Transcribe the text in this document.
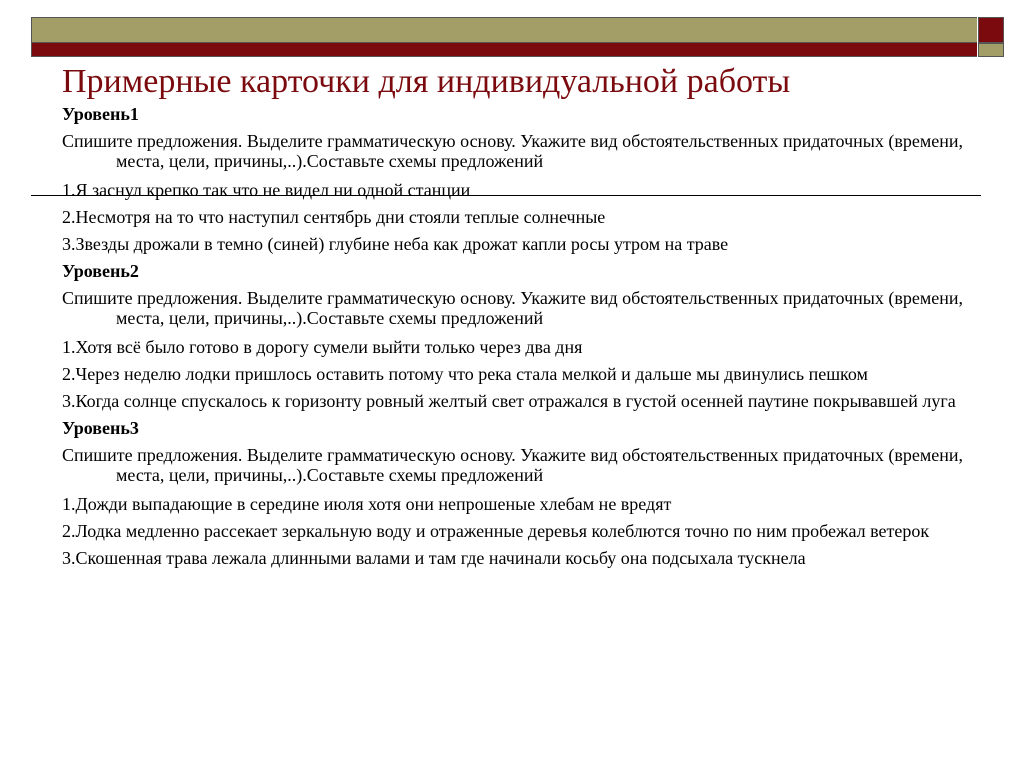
Примерные карточки для индивидуальной работы
Уровень1
Спишите предложения. Выделите грамматическую основу. Укажите вид обстоятельственных придаточных (времени, места, цели, причины,..).Составьте схемы предложений
1.Я заснул крепко так что не видел ни одной станции
2.Несмотря на то что наступил сентябрь дни стояли теплые солнечные
3.Звезды дрожали в темно (синей) глубине неба как дрожат капли росы утром на траве
Уровень2
Спишите предложения. Выделите грамматическую основу. Укажите вид обстоятельственных придаточных (времени, места, цели, причины,..).Составьте схемы предложений
1.Хотя всё было готово в дорогу сумели выйти только через два дня
2.Через неделю лодки пришлось оставить потому что река стала мелкой и дальше мы двинулись пешком
3.Когда солнце спускалось к горизонту ровный желтый свет отражался в густой осенней паутине покрывавшей луга
Уровень3
Спишите предложения. Выделите грамматическую основу. Укажите вид обстоятельственных придаточных (времени, места, цели, причины,..).Составьте схемы предложений
1.Дожди выпадающие в середине июля хотя они непрошеные хлебам не вредят
2.Лодка медленно рассекает зеркальную воду и отраженные деревья колеблются точно по ним пробежал ветерок
3.Скошенная трава лежала длинными валами и там где начинали косьбу она подсыхала тускнела
